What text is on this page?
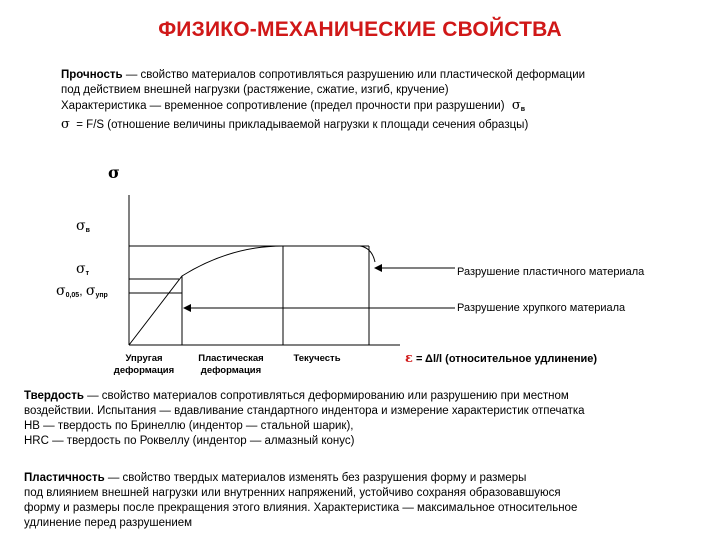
ФИЗИКО-МЕХАНИЧЕСКИЕ СВОЙСТВА
Прочность — свойство материалов сопротивляться разрушению или пластической деформации
под действием внешней нагрузки (растяжение, сжатие, изгиб, кручение)
Характеристика — временное сопротивление (предел прочности при разрушении)  $\sigma_в$
σ = F/S (отношение величины прикладываемой нагрузки к площади сечения образцы)
σ
$\sigma_в$
$\sigma_т$
$\sigma_{0,05}$, $\sigma_{упр}$
Упругая
деформация
Пластическая
деформация
Текучесть	ε = Δl/l (относительное удлинение)
Разрушение пластичного материала
Разрушение хрупкого материала
Твердость — свойство материалов сопротивляться деформированию или разрушению при местном
воздействии. Испытания — вдавливание стандартного индентора и измерение характеристик отпечатка
НВ — твердость по Бринеллю (индентор — стальной шарик),
HRC — твердость по Роквеллу (индентор — алмазный конус)
Пластичность — свойство твердых материалов изменять без разрушения форму и размеры
под влиянием внешней нагрузки или внутренних напряжений, устойчиво сохраняя образовавшуюся
форму и размеры после прекращения этого влияния. Характеристика — максимальное относительное
удлинение перед разрушением
